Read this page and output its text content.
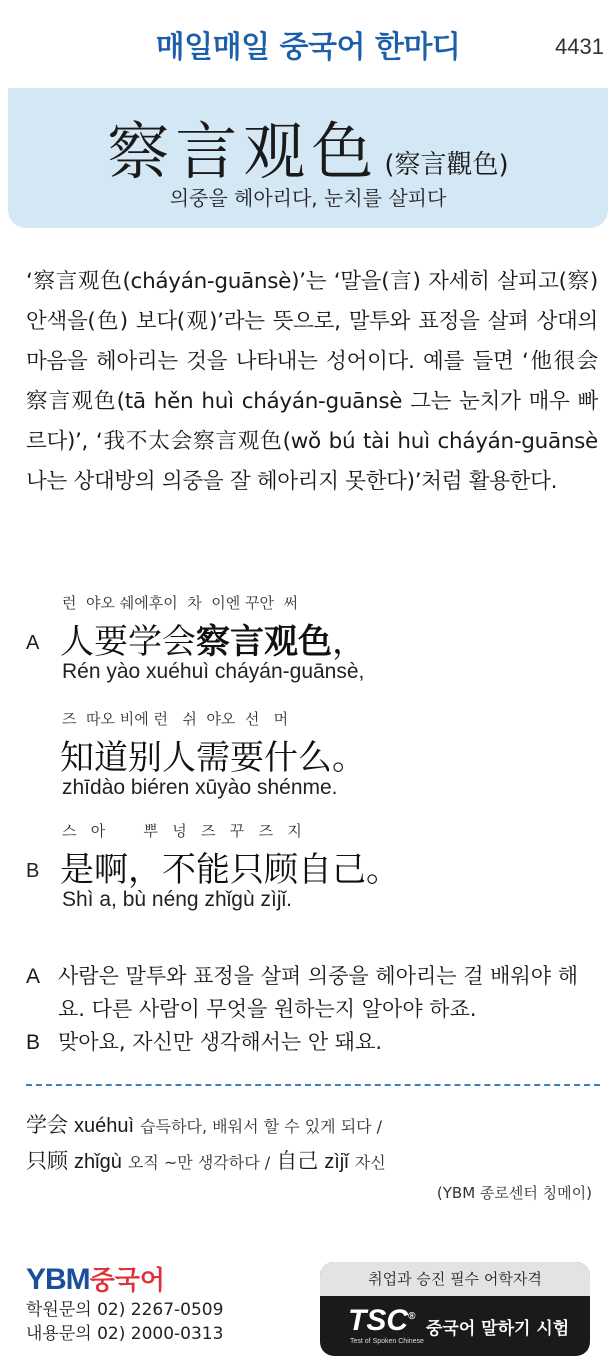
매일매일 중국어 한마디	4431
察言观色 (察言觀色)
의중을 헤아리다, 눈치를 살피다
‘察言观色(cháyán-guānsè)’는 ‘말을(言) 자세히 살피고(察) 안색을(色) 보다(观)’라는 뜻으로, 말투와 표정을 살펴 상대의 마음을 헤아리는 것을 나타내는 성어이다. 예를 들면 ‘他很会察言观色(tā hěn huì cháyán-guānsè 그는 눈치가 매우 빠르다)’, ‘我不太会察言观色(wǒ bú tài huì cháyán-guānsè 나는 상대방의 의중을 잘 헤아리지 못한다)’처럼 활용한다.
런  야오 쉐에후이  차  이엔 꾸안  써
A 人要学会察言观色，
Rén yào xuéhuì cháyán-guānsè,
즈  따오 비에 런   쉬  야오  선   머
知道别人需要什么。
zhīdào biéren xūyào shénme.
스   아        뿌   넝   즈   꾸   즈   지
B 是啊，不能只顾自己。
Shì a, bù néng zhǐgù zìjǐ.
A 사람은 말투와 표정을 살펴 의중을 헤아리는 걸 배워야 해요. 다른 사람이 무엇을 원하는지 알아야 하죠.
B 맞아요, 자신만 생각해서는 안 돼요.
学会 xuéhuì 습득하다, 배워서 할 수 있게 되다 /
只顾 zhǐgù 오직 ~만 생각하다 / 自己 zìjǐ 자신
(YBM 종로센터 칭메이)
YBM중국어
학원문의 02) 2267-0509
내용문의 02) 2000-0313
취업과 승진 필수 어학자격
TSC®
Test of Spoken Chinese
중국어 말하기 시험
